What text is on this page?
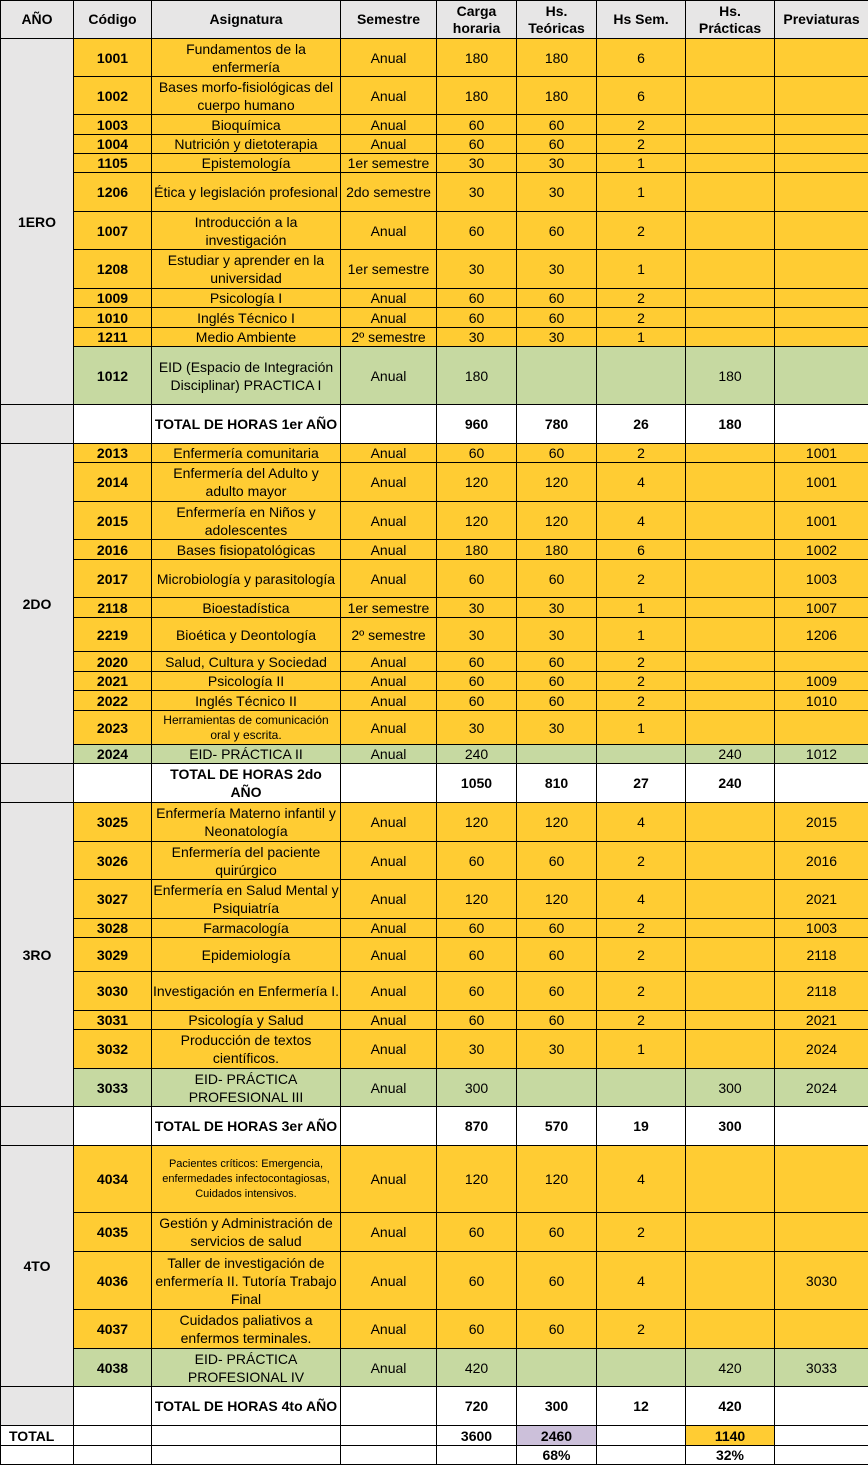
AÑO	Código	Asignatura	Semestre	Carga horaria	Hs. Teóricas	Hs Sem.	Hs. Prácticas	Previaturas
1ERO	1001	Fundamentos de la enfermería	Anual	180	180	6		
	1002	Bases morfo-fisiológicas del cuerpo humano	Anual	180	180	6		
	1003	Bioquímica	Anual	60	60	2		
	1004	Nutrición y dietoterapia	Anual	60	60	2		
	1105	Epistemología	1er semestre	30	30	1		
	1206	Ética y legislación profesional	2do semestre	30	30	1		
	1007	Introducción a la investigación	Anual	60	60	2		
	1208	Estudiar y aprender en la universidad	1er semestre	30	30	1		
	1009	Psicología I	Anual	60	60	2		
	1010	Inglés Técnico I	Anual	60	60	2		
	1211	Medio Ambiente	2º semestre	30	30	1		
	1012	EID (Espacio de Integración Disciplinar) PRACTICA I	Anual	180			180	
		TOTAL DE HORAS 1er AÑO		960	780	26	180	
2DO	2013	Enfermería comunitaria	Anual	60	60	2		1001
	2014	Enfermería del Adulto y adulto mayor	Anual	120	120	4		1001
	2015	Enfermería en Niños y adolescentes	Anual	120	120	4		1001
	2016	Bases fisiopatológicas	Anual	180	180	6		1002
	2017	Microbiología y parasitología	Anual	60	60	2		1003
	2118	Bioestadística	1er semestre	30	30	1		1007
	2219	Bioética y Deontología	2º semestre	30	30	1		1206
	2020	Salud, Cultura y Sociedad	Anual	60	60	2		
	2021	Psicología II	Anual	60	60	2		1009
	2022	Inglés Técnico II	Anual	60	60	2		1010
	2023	Herramientas de comunicación oral y escrita.	Anual	30	30	1		
	2024	EID- PRÁCTICA II	Anual	240			240	1012
		TOTAL DE HORAS 2do AÑO		1050	810	27	240	
3RO	3025	Enfermería Materno infantil y Neonatología	Anual	120	120	4		2015
	3026	Enfermería del paciente quirúrgico	Anual	60	60	2		2016
	3027	Enfermería en Salud Mental y Psiquiatría	Anual	120	120	4		2021
	3028	Farmacología	Anual	60	60	2		1003
	3029	Epidemiología	Anual	60	60	2		2118
	3030	Investigación en Enfermería I.	Anual	60	60	2		2118
	3031	Psicología y Salud	Anual	60	60	2		2021
	3032	Producción de textos científicos.	Anual	30	30	1		2024
	3033	EID- PRÁCTICA PROFESIONAL III	Anual	300			300	2024
		TOTAL DE HORAS 3er AÑO		870	570	19	300	
4TO	4034	Pacientes críticos: Emergencia, enfermedades infectocontagiosas, Cuidados intensivos.	Anual	120	120	4		
	4035	Gestión y Administración de servicios de salud	Anual	60	60	2		
	4036	Taller de investigación de enfermería II. Tutoría Trabajo Final	Anual	60	60	4		3030
	4037	Cuidados paliativos a enfermos terminales.	Anual	60	60	2		
	4038	EID- PRÁCTICA PROFESIONAL IV	Anual	420			420	3033
		TOTAL DE HORAS 4to AÑO		720	300	12	420	
TOTAL				3600	2460		1140	
					68%		32%	
